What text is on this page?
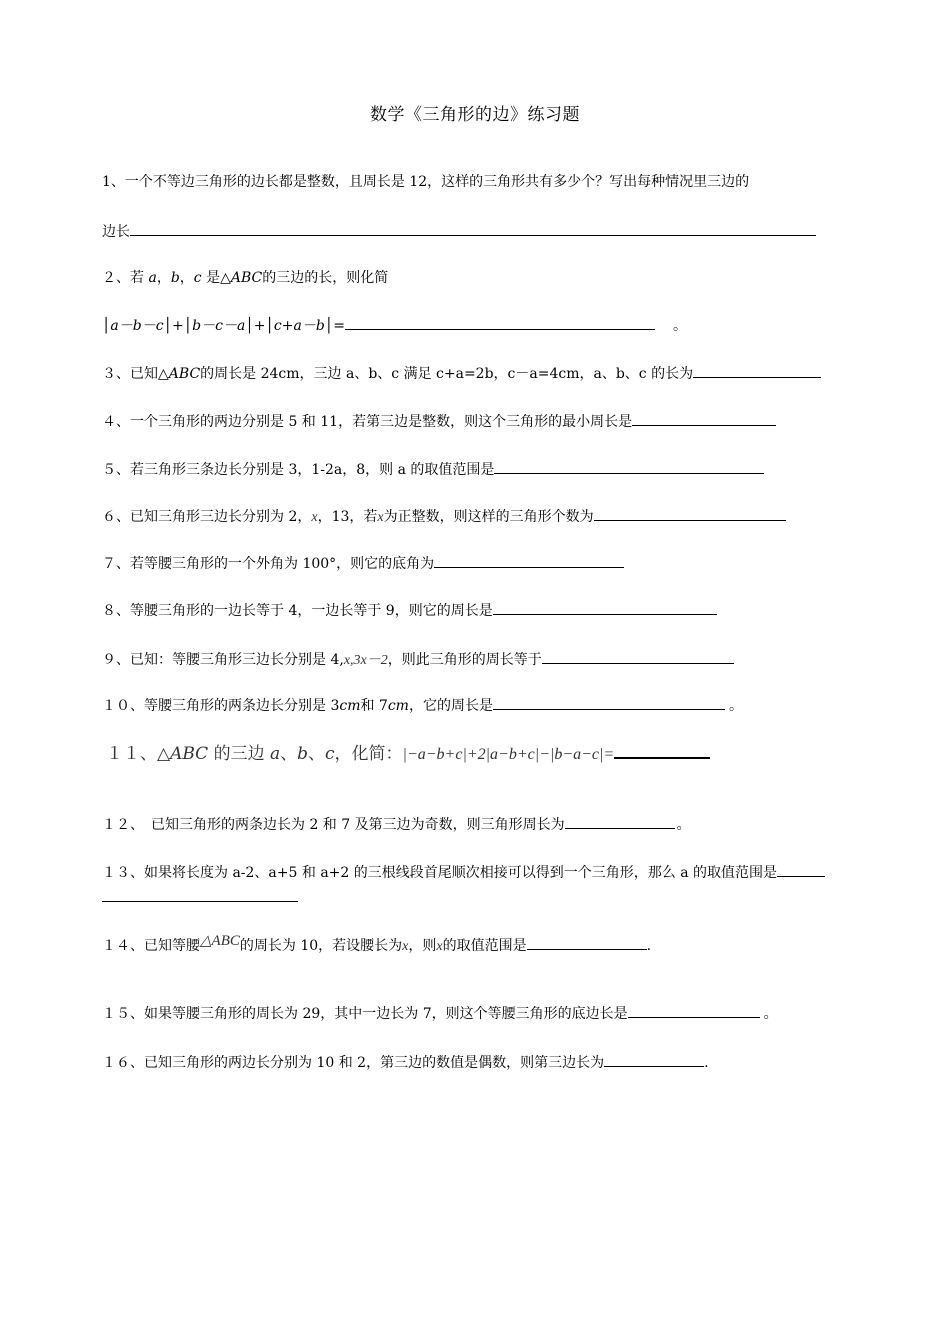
数学《三角形的边》练习题
1、一个不等边三角形的边长都是整数，且周长是 12，这样的三角形共有多少个？写出每种情况里三边的
边长
２、若 a，b，c 是△ABC的三边的长，则化简
│a－b－c│+│b－c－a│+│c+a－b│=	。
３、已知△ABC的周长是 24cm，三边 a、b、c 满足 c+a=2b，c－a=4cm，a、b、c 的长为
４、一个三角形的两边分别是 5 和 11，若第三边是整数，则这个三角形的最小周长是
５、若三角形三条边长分别是 3，1-2a，8，则 a 的取值范围是
６、已知三角形三边长分别为 2，x，13，若x为正整数，则这样的三角形个数为
７、若等腰三角形的一个外角为 100°，则它的底角为
８、等腰三角形的一边长等于 4，一边长等于 9，则它的周长是
９、已知：等腰三角形三边长分别是 4,x,3x－2，则此三角形的周长等于
１０、等腰三角形的两条边长分别是 3cm和 7cm，它的周长是	。
１１、△ABC 的三边 a、b、c，化简：|−a−b+c|+2|a−b+c|−|b−a−c|=
１２、　已知三角形的两条边长为 2 和 7 及第三边为奇数，则三角形周长为	。
１３、如果将长度为 a-2、a+5 和 a+2 的三根线段首尾顺次相接可以得到一个三角形，那么 a 的取值范围是
１４、已知等腰△ABC的周长为 10，若设腰长为x，则x的取值范围是	.
１５、如果等腰三角形的周长为 29，其中一边长为 7，则这个等腰三角形的底边长是	。
１６、已知三角形的两边长分别为 10 和 2，第三边的数值是偶数，则第三边长为	.
